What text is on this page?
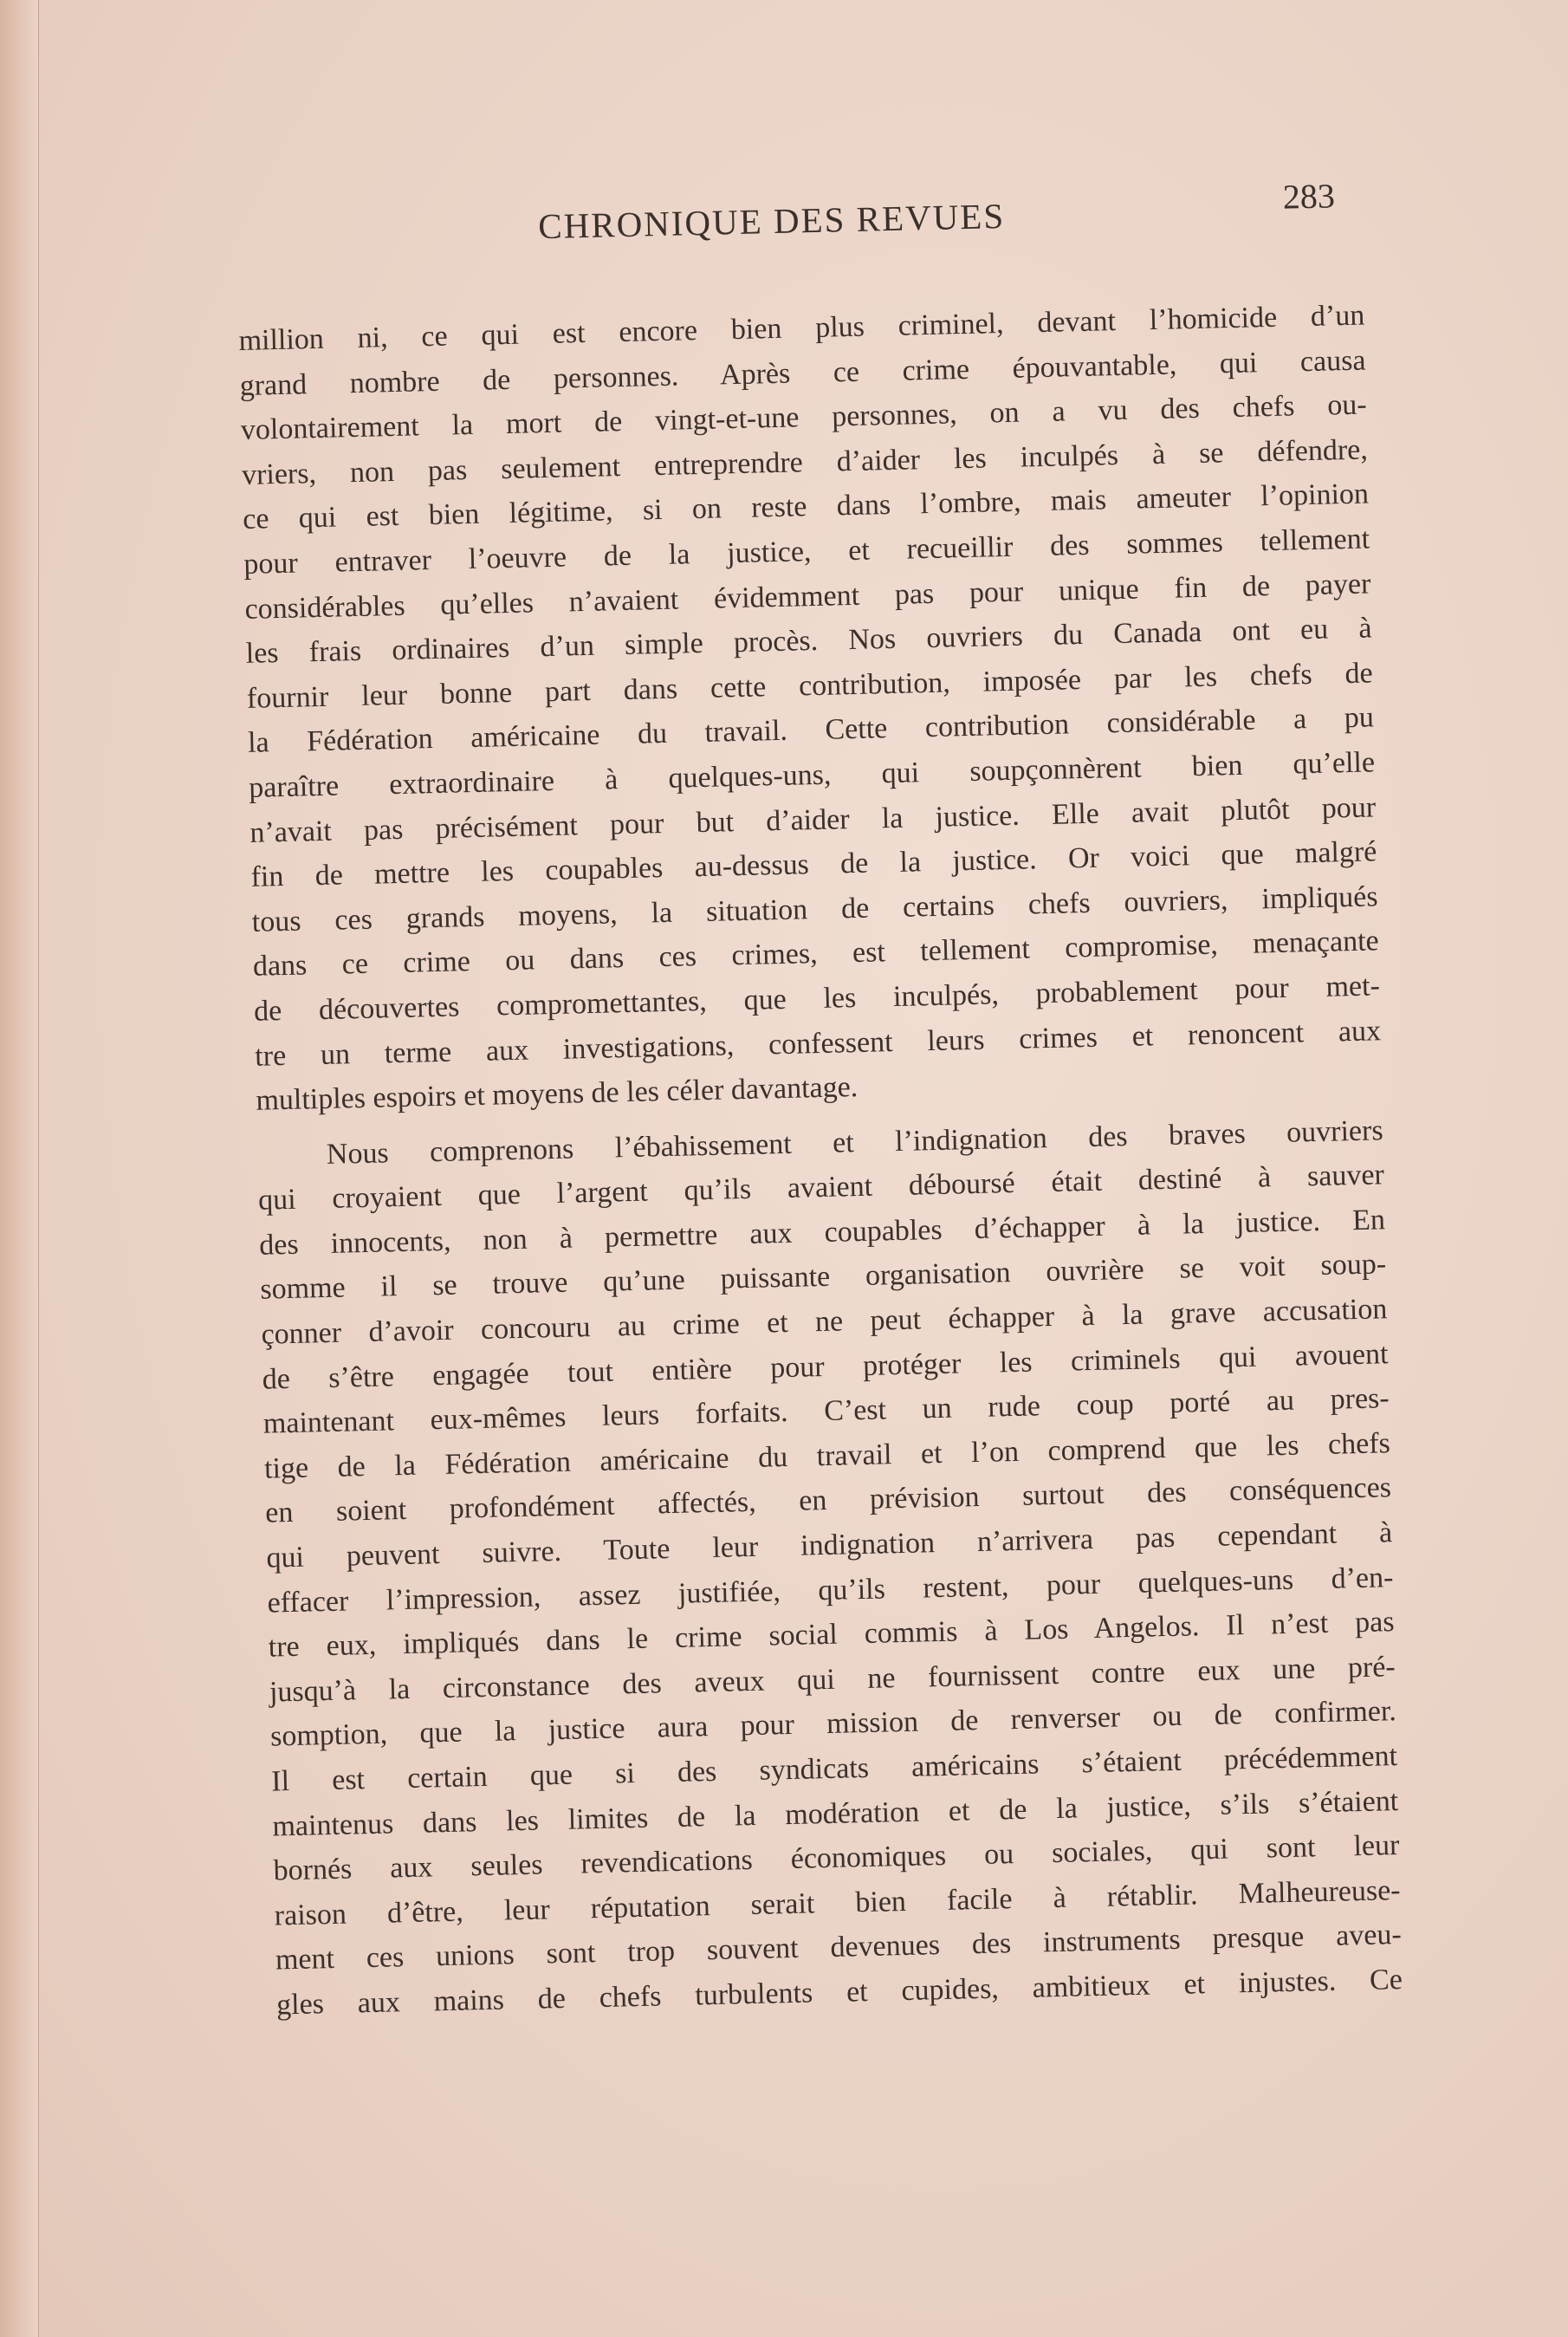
CHRONIQUE DES REVUES	283
million ni, ce qui est encore bien plus criminel, devant l’homicide d’un
grand nombre de personnes. Après ce crime épouvantable, qui causa
volontairement la mort de vingt-et-une personnes, on a vu des chefs ou-
vriers, non pas seulement entreprendre d’aider les inculpés à se défendre,
ce qui est bien légitime, si on reste dans l’ombre, mais ameuter l’opinion
pour entraver l’oeuvre de la justice, et recueillir des sommes tellement
considérables qu’elles n’avaient évidemment pas pour unique fin de payer
les frais ordinaires d’un simple procès. Nos ouvriers du Canada ont eu à
fournir leur bonne part dans cette contribution, imposée par les chefs de
la Fédération américaine du travail. Cette contribution considérable a pu
paraître extraordinaire à quelques-uns, qui soupçonnèrent bien qu’elle
n’avait pas précisément pour but d’aider la justice. Elle avait plutôt pour
fin de mettre les coupables au-dessus de la justice. Or voici que malgré
tous ces grands moyens, la situation de certains chefs ouvriers, impliqués
dans ce crime ou dans ces crimes, est tellement compromise, menaçante
de découvertes compromettantes, que les inculpés, probablement pour met-
tre un terme aux investigations, confessent leurs crimes et renoncent aux
multiples espoirs et moyens de les céler davantage.
Nous comprenons l’ébahissement et l’indignation des braves ouvriers
qui croyaient que l’argent qu’ils avaient déboursé était destiné à sauver
des innocents, non à permettre aux coupables d’échapper à la justice. En
somme il se trouve qu’une puissante organisation ouvrière se voit soup-
çonner d’avoir concouru au crime et ne peut échapper à la grave accusation
de s’être engagée tout entière pour protéger les criminels qui avouent
maintenant eux-mêmes leurs forfaits. C’est un rude coup porté au pres-
tige de la Fédération américaine du travail et l’on comprend que les chefs
en soient profondément affectés, en prévision surtout des conséquences
qui peuvent suivre. Toute leur indignation n’arrivera pas cependant à
effacer l’impression, assez justifiée, qu’ils restent, pour quelques-uns d’en-
tre eux, impliqués dans le crime social commis à Los Angelos. Il n’est pas
jusqu’à la circonstance des aveux qui ne fournissent contre eux une pré-
somption, que la justice aura pour mission de renverser ou de confirmer.
Il est certain que si des syndicats américains s’étaient précédemment
maintenus dans les limites de la modération et de la justice, s’ils s’étaient
bornés aux seules revendications économiques ou sociales, qui sont leur
raison d’être, leur réputation serait bien facile à rétablir. Malheureuse-
ment ces unions sont trop souvent devenues des instruments presque aveu-
gles aux mains de chefs turbulents et cupides, ambitieux et injustes. Ce
